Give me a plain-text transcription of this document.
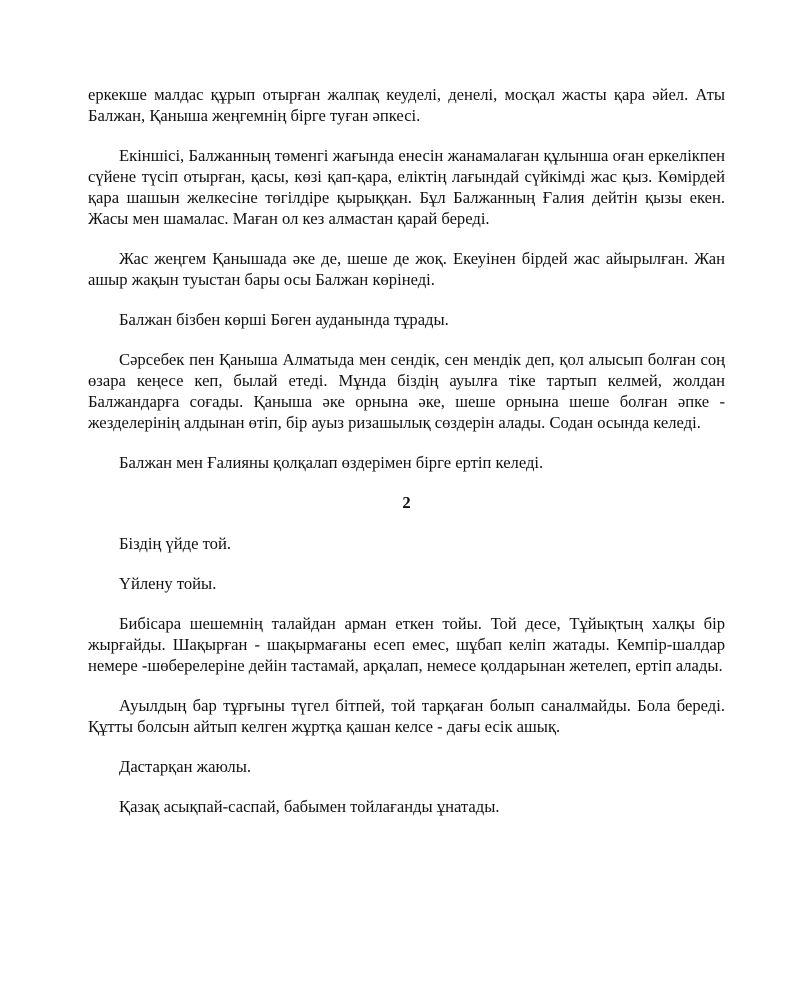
еркекше малдас құрып отырған жалпақ кеуделі, денелі, мосқал жасты қара әйел. Аты Балжан, Қаныша жеңгемнің бірге туған әпкесі.

Екіншісі, Балжанның төменгі жағында енесін жанамалаған құлынша оған еркелікпен сүйене түсіп отырған, қасы, көзі қап-қара, еліктің лағындай сүйкімді жас қыз. Көмірдей қара шашын желкесіне төгілдіре қырыққан. Бұл Балжанның Ғалия дейтін қызы екен. Жасы мен шамалас. Маған ол кез алмастан қарай береді.

Жас жеңгем Қанышада әке де, шеше де жоқ. Екеуінен бірдей жас айырылған. Жан ашыр жақын туыстан бары осы Балжан көрінеді.

Балжан бізбен көрші Бөген ауданында тұрады.

Сәрсебек пен Қаныша Алматыда мен сендік, сен мендік деп, қол алысып болған соң өзара кеңесе кеп, былай етеді. Мұнда біздің ауылға тіке тартып келмей, жолдан Балжандарға соғады. Қаныша әке орнына әке, шеше орнына шеше болған әпке - жезделерінің алдынан өтіп, бір ауыз ризашылық сөздерін алады. Содан осында келеді.

Балжан мен Ғалияны қолқалап өздерімен бірге ертіп келеді.

2

Біздің үйде той.

Үйлену тойы.

Бибісара шешемнің талайдан арман еткен тойы. Той десе, Тұйықтың халқы бір жырғайды. Шақырған - шақырмағаны есеп емес, шұбап келіп жатады. Кемпір-шалдар немере -шөберелеріне дейін тастамай, арқалап, немесе қолдарынан жетелеп, ертіп алады.

Ауылдың бар тұрғыны түгел бітпей, той тарқаған болып саналмайды. Бола береді. Құтты болсын айтып келген жұртқа қашан келсе - дағы есік ашық.

Дастарқан жаюлы.

Қазақ асықпай-саспай, бабымен тойлағанды ұнатады.
